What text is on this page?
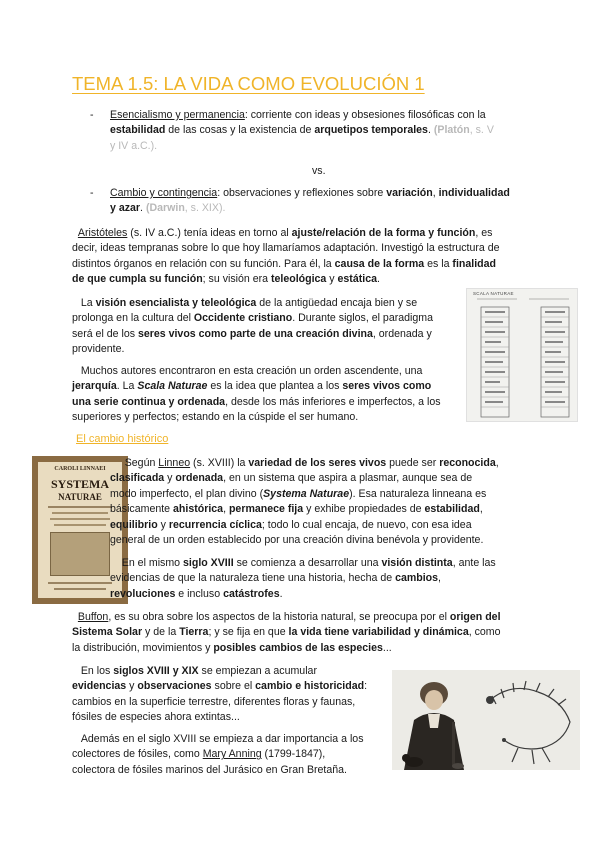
TEMA 1.5: LA VIDA COMO EVOLUCIÓN 1
- Esencialismo y permanencia: corriente con ideas y obsesiones filosóficas con la
estabilidad de las cosas y la existencia de arquetipos temporales. (Platón, s. V
y IV a.C.).
vs.
- Cambio y contingencia: observaciones y reflexiones sobre variación, individualidad
y azar. (Darwin, s. XIX).
Aristóteles (s. IV a.C.) tenía ideas en torno al ajuste/relación de la forma y función, es
decir, ideas tempranas sobre lo que hoy llamaríamos adaptación. Investigó la estructura de
distintos órganos en relación con su función. Para él, la causa de la forma es la finalidad
de que cumpla su función; su visión era teleológica y estática.
La visión esencialista y teleológica de la antigüedad encaja bien y se
prolonga en la cultura del Occidente cristiano. Durante siglos, el paradigma
será el de los seres vivos como parte de una creación divina, ordenada y
providente.
Muchos autores encontraron en esta creación un orden ascendente, una
jerarquía. La Scala Naturae es la idea que plantea a los seres vivos como
una serie continua y ordenada, desde los más inferiores e imperfectos, a los
superiores y perfectos; estando en la cúspide el ser humano.
SCALA NATURAE
El cambio histórico
CAROLI LINNAEI
SYSTEMA
NATURAE
Según Linneo (s. XVIII) la variedad de los seres vivos puede ser reconocida,
clasificada y ordenada, en un sistema que aspira a plasmar, aunque sea de
modo imperfecto, el plan divino (Systema Naturae). Esa naturaleza linneana es
básicamente ahistórica, permanece fija y exhibe propiedades de estabilidad,
equilibrio y recurrencia cíclica; todo lo cual encaja, de nuevo, con esa idea
general de un orden establecido por una creación divina benévola y providente.
En el mismo siglo XVIII se comienza a desarrollar una visión distinta, ante las
evidencias de que la naturaleza tiene una historia, hecha de cambios,
revoluciones e incluso catástrofes.
Buffon, es su obra sobre los aspectos de la historia natural, se preocupa por el origen del
Sistema Solar y de la Tierra; y se fija en que la vida tiene variabilidad y dinámica, como
la distribución, movimientos y posibles cambios de las especies...
En los siglos XVIII y XIX se empiezan a acumular
evidencias y observaciones sobre el cambio e historicidad:
cambios en la superficie terrestre, diferentes floras y faunas,
fósiles de especies ahora extintas...
Además en el siglo XVIII se empieza a dar importancia a los
colectores de fósiles, como Mary Anning (1799-1847),
colectora de fósiles marinos del Jurásico en Gran Bretaña.
